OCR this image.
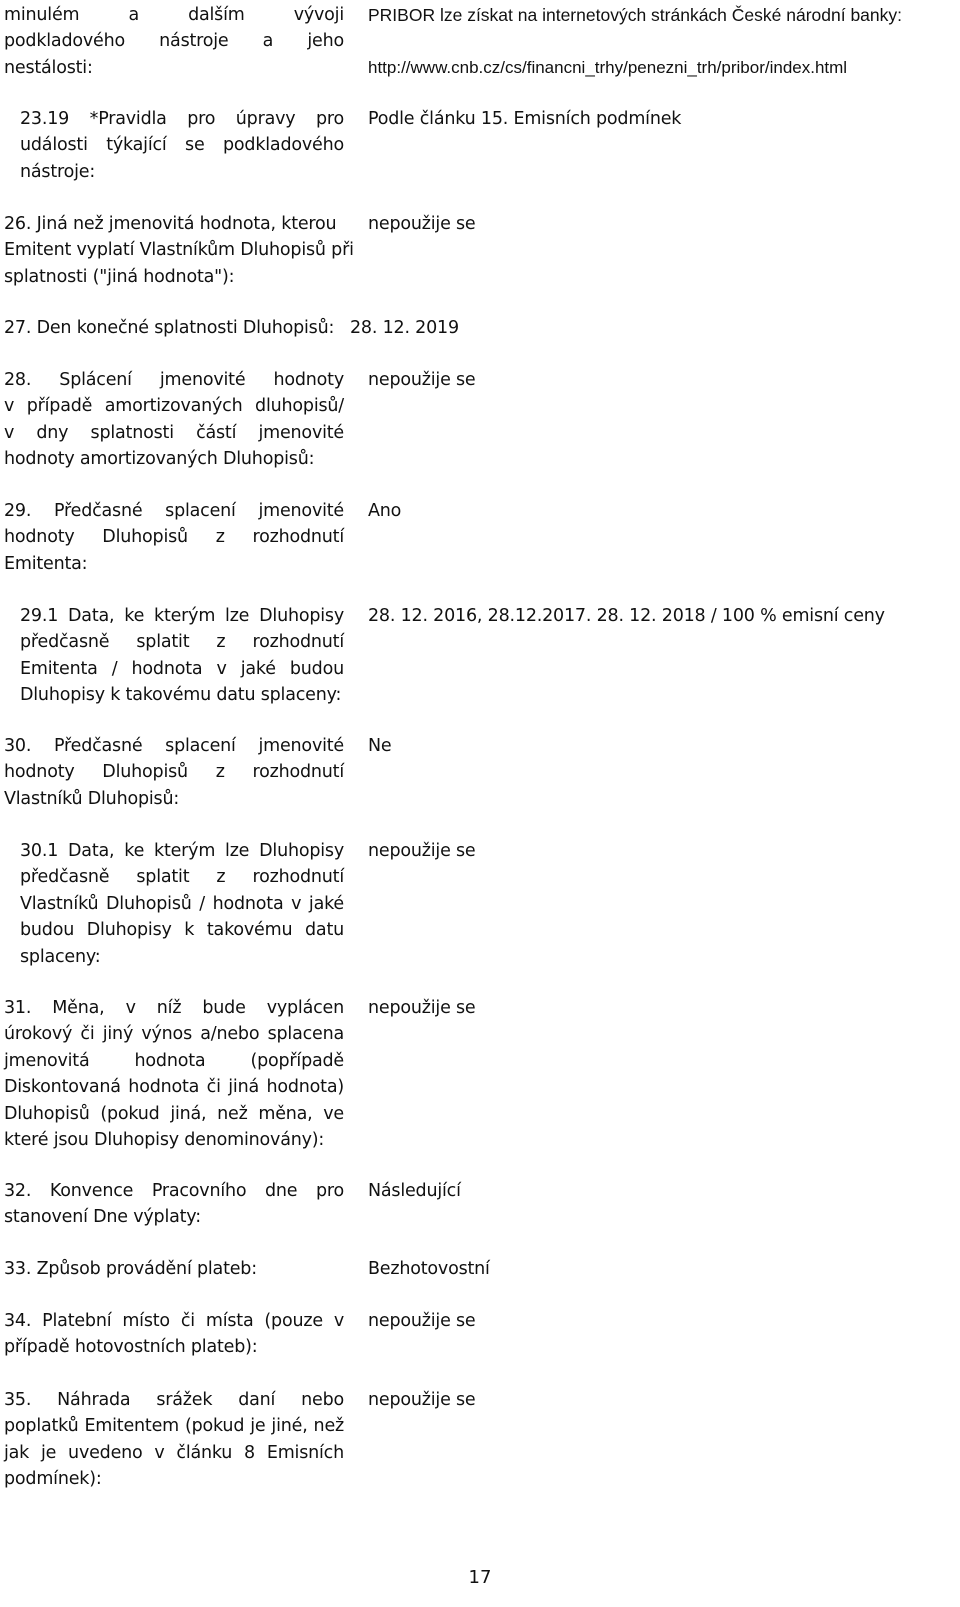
minulém a dalším vývoji
podkladového nástroje a jeho
nestálosti:
PRIBOR lze získat na internetových stránkách České národní banky:

http://www.cnb.cz/cs/financni_trhy/penezni_trh/pribor/index.html
23.19 *Pravidla pro úpravy pro
události týkající se podkladového
nástroje:
Podle článku 15. Emisních podmínek
26. Jiná než jmenovitá hodnota, kterou
Emitent vyplatí Vlastníkům Dluhopisů při
splatnosti ("jiná hodnota"):
nepoužije se
27. Den konečné splatnosti Dluhopisů: 28. 12. 2019
28. Splácení jmenovité hodnoty
v případě amortizovaných dluhopisů/
v dny splatnosti částí jmenovité
hodnoty amortizovaných Dluhopisů:
nepoužije se
29. Předčasné splacení jmenovité
hodnoty Dluhopisů z rozhodnutí
Emitenta:
Ano
29.1 Data, ke kterým lze Dluhopisy
předčasně splatit z rozhodnutí
Emitenta / hodnota v jaké budou
Dluhopisy k takovému datu splaceny:
28. 12. 2016, 28.12.2017. 28. 12. 2018 / 100 % emisní ceny
30. Předčasné splacení jmenovité
hodnoty Dluhopisů z rozhodnutí
Vlastníků Dluhopisů:
Ne
30.1 Data, ke kterým lze Dluhopisy
předčasně splatit z rozhodnutí
Vlastníků Dluhopisů / hodnota v jaké
budou Dluhopisy k takovému datu
splaceny:
nepoužije se
31. Měna, v níž bude vyplácen
úrokový či jiný výnos a/nebo splacena
jmenovitá hodnota (popřípadě
Diskontovaná hodnota či jiná hodnota)
Dluhopisů (pokud jiná, než měna, ve
které jsou Dluhopisy denominovány):
nepoužije se
32. Konvence Pracovního dne pro
stanovení Dne výplaty:
Následující
33. Způsob provádění plateb:	Bezhotovostní
34. Platební místo či místa (pouze v
případě hotovostních plateb):
nepoužije se
35. Náhrada srážek daní nebo
poplatků Emitentem (pokud je jiné, než
jak je uvedeno v článku 8 Emisních
podmínek):
nepoužije se
17
